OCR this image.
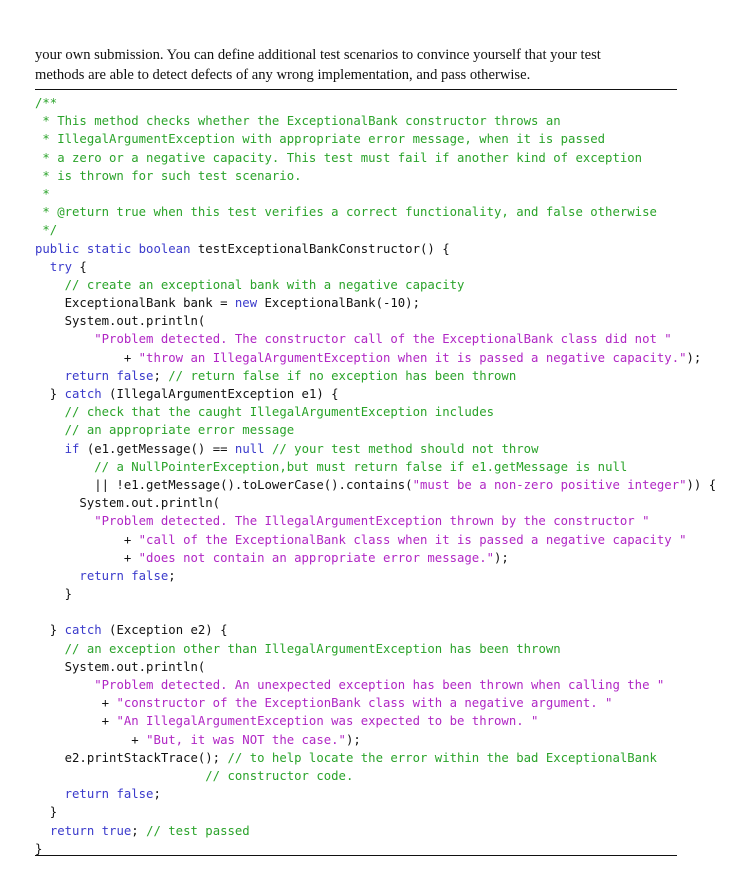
your own submission. You can define additional test scenarios to convince yourself that your test

methods are able to detect defects of any wrong implementation, and pass otherwise.

/**
* This method checks whether the ExceptionalBank constructor throws an
* IllegalArgumentException with appropriate error message, when it is passed
* a zero or a negative capacity. This test must fail if another kind of exception
* is thrown for such test scenario.
*
* @return true when this test verifies a correct functionality, and false otherwise
*/
public static boolean testExceptionalBankConstructor() {
try {
// create an exceptional bank with a negative capacity
ExceptionalBank bank = new ExceptionalBank(-10);
System.out.println(
"Problem detected. The constructor call of the ExceptionalBank class did not "
+ "throw an IllegalArgumentException when it is passed a negative capacity.");
return false; // return false if no exception has been thrown
} catch (IllegalArgumentException e1) {
// check that the caught IllegalArgumentException includes
// an appropriate error message
if (e1.getMessage() == null // your test method should not throw
// a NullPointerException,but must return false if e1.getMessage is null
|| !e1.getMessage().toLowerCase().contains("must be a non-zero positive integer")) {
System.out.println(
"Problem detected. The IllegalArgumentException thrown by the constructor "
+ "call of the ExceptionalBank class when it is passed a negative capacity "
+ "does not contain an appropriate error message.");
return false;
}
} catch (Exception e2) {
// an exception other than IllegalArgumentException has been thrown
System.out.println(
"Problem detected. An unexpected exception has been thrown when calling the "
+ "constructor of the ExceptionBank class with a negative argument. "
+ "An IllegalArgumentException was expected to be thrown. "
+ "But, it was NOT the case.");
e2.printStackTrace(); // to help locate the error within the bad ExceptionalBank
// constructor code.
return false;
}
return true; // test passed
}
